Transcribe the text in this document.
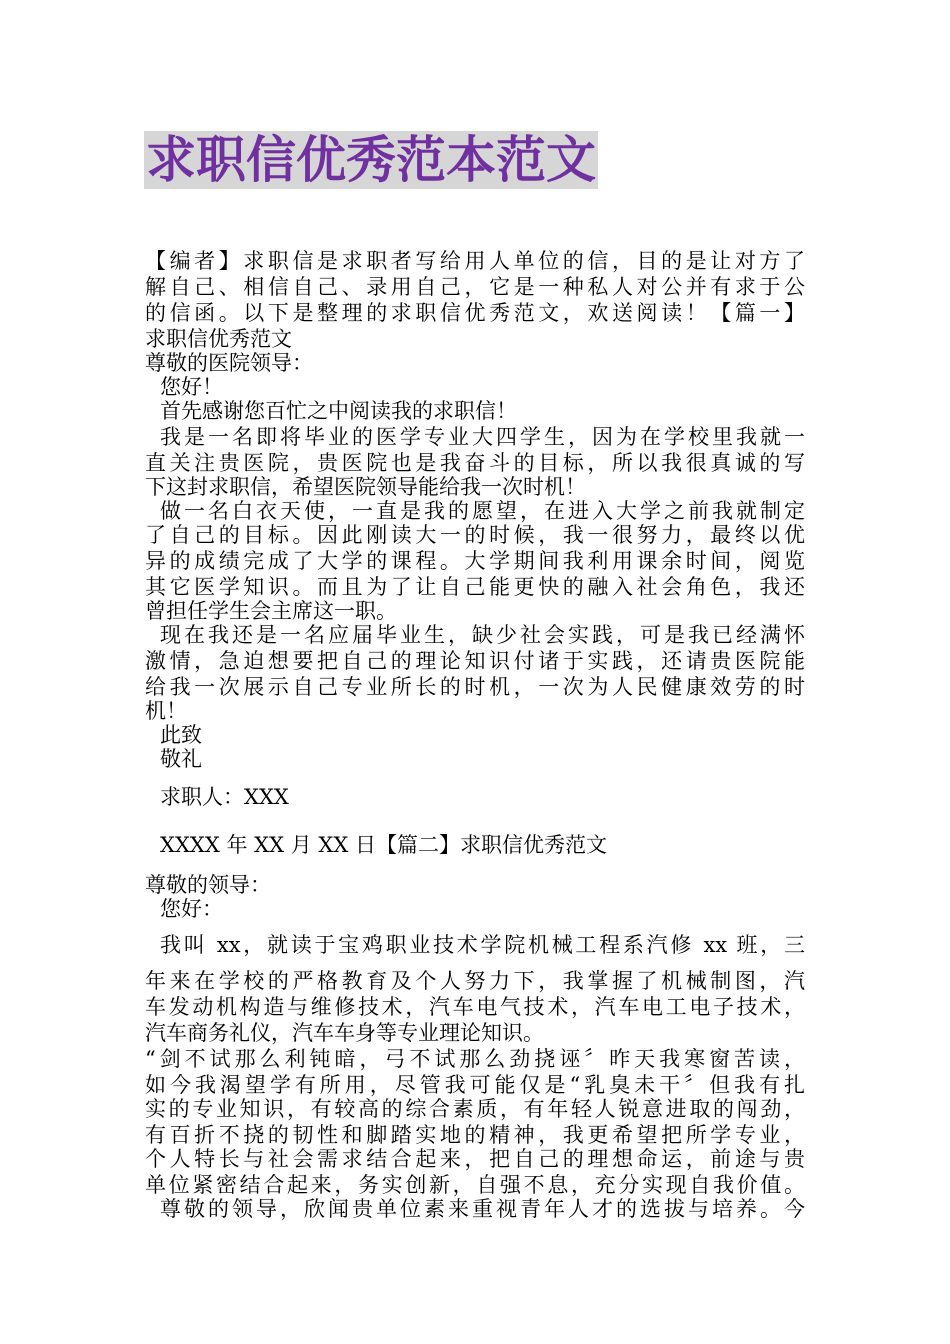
求职信优秀范本范文
【编者】求职信是求职者写给用人单位的信，目的是让对方了
解自己、相信自己、录用自己，它是一种私人对公并有求于公
的信函。以下是整理的求职信优秀范文，欢送阅读！【篇一】
求职信优秀范文
尊敬的医院领导：
您好！
首先感谢您百忙之中阅读我的求职信！
我是一名即将毕业的医学专业大四学生，因为在学校里我就一
直关注贵医院，贵医院也是我奋斗的目标，所以我很真诚的写
下这封求职信，希望医院领导能给我一次时机！
做一名白衣天使，一直是我的愿望，在进入大学之前我就制定
了自己的目标。因此刚读大一的时候，我一很努力，最终以优
异的成绩完成了大学的课程。大学期间我利用课余时间，阅览
其它医学知识。而且为了让自己能更快的融入社会角色，我还
曾担任学生会主席这一职。
现在我还是一名应届毕业生，缺少社会实践，可是我已经满怀
激情，急迫想要把自己的理论知识付诸于实践，还请贵医院能
给我一次展示自己专业所长的时机，一次为人民健康效劳的时
机！
此致
敬礼
求职人：XXX
XXXX 年 XX 月 XX 日【篇二】求职信优秀范文
尊敬的领导：
您好：
我叫 xx，就读于宝鸡职业技术学院机械工程系汽修 xx 班，三
年来在学校的严格教育及个人努力下，我掌握了机械制图，汽
车发动机构造与维修技术，汽车电气技术，汽车电工电子技术，
汽车商务礼仪，汽车车身等专业理论知识。
“剑不试那么利钝暗，弓不试那么劲挠诬〞昨天我寒窗苦读，
如今我渴望学有所用，尽管我可能仅是“乳臭未干〞但我有扎
实的专业知识，有较高的综合素质，有年轻人锐意进取的闯劲，
有百折不挠的韧性和脚踏实地的精神，我更希望把所学专业，
个人特长与社会需求结合起来，把自己的理想命运，前途与贵
单位紧密结合起来，务实创新，自强不息，充分实现自我价值。
尊敬的领导，欣闻贵单位素来重视青年人才的选拔与培养。今
